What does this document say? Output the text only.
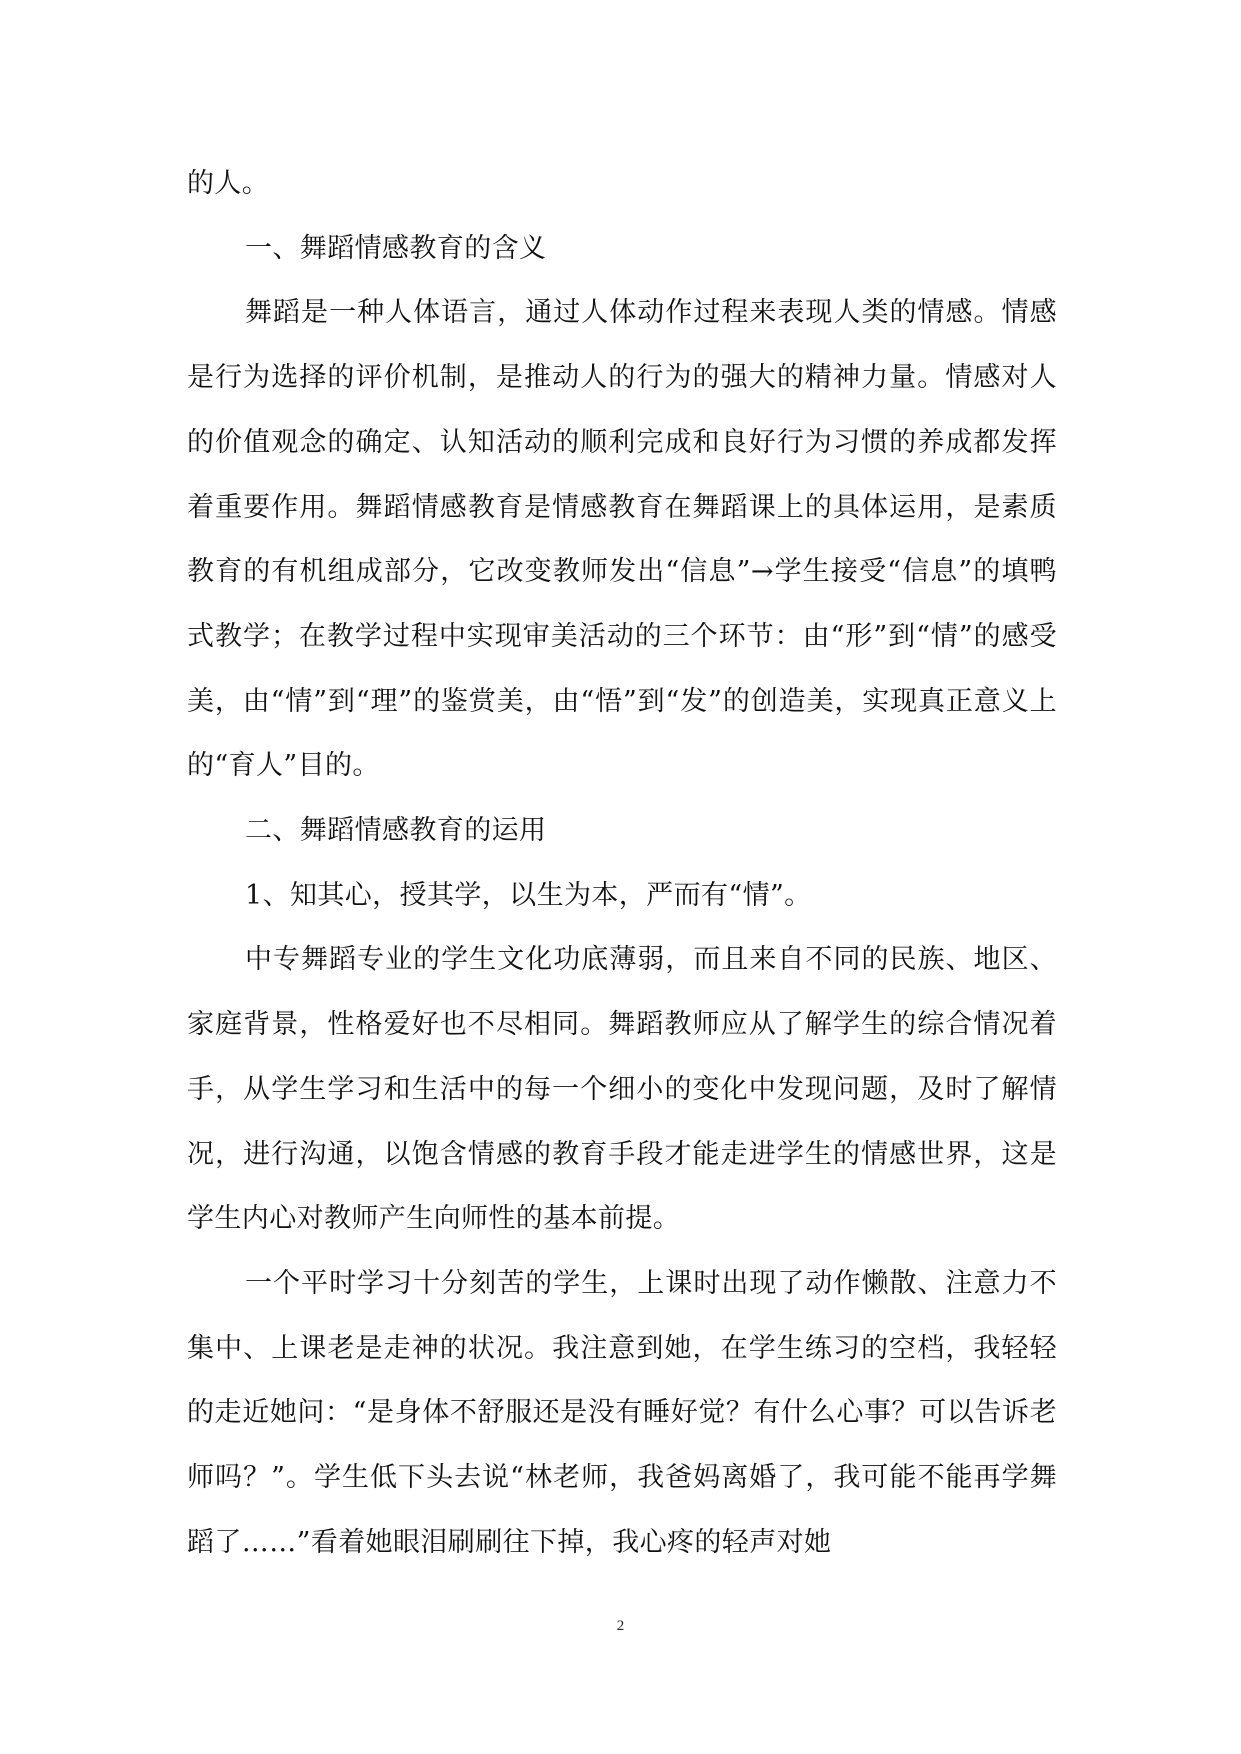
的人。

一、舞蹈情感教育的含义

舞蹈是一种人体语言，通过人体动作过程来表现人类的情感。情感是行为选择的评价机制，是推动人的行为的强大的精神力量。情感对人的价值观念的确定、认知活动的顺利完成和良好行为习惯的养成都发挥着重要作用。舞蹈情感教育是情感教育在舞蹈课上的具体运用，是素质教育的有机组成部分，它改变教师发出“信息”→学生接受“信息”的填鸭式教学；在教学过程中实现审美活动的三个环节：由“形”到“情”的感受美，由“情”到“理”的鉴赏美，由“悟”到“发”的创造美，实现真正意义上的“育人”目的。

二、舞蹈情感教育的运用

1、知其心，授其学，以生为本，严而有“情”。

中专舞蹈专业的学生文化功底薄弱，而且来自不同的民族、地区、家庭背景，性格爱好也不尽相同。舞蹈教师应从了解学生的综合情况着手，从学生学习和生活中的每一个细小的变化中发现问题，及时了解情况，进行沟通，以饱含情感的教育手段才能走进学生的情感世界，这是学生内心对教师产生向师性的基本前提。

一个平时学习十分刻苦的学生，上课时出现了动作懒散、注意力不集中、上课老是走神的状况。我注意到她，在学生练习的空档，我轻轻的走近她问：“是身体不舒服还是没有睡好觉？有什么心事？可以告诉老师吗？”。学生低下头去说“林老师，我爸妈离婚了，我可能不能再学舞蹈了……”看着她眼泪刷刷往下掉，我心疼的轻声对她

2
